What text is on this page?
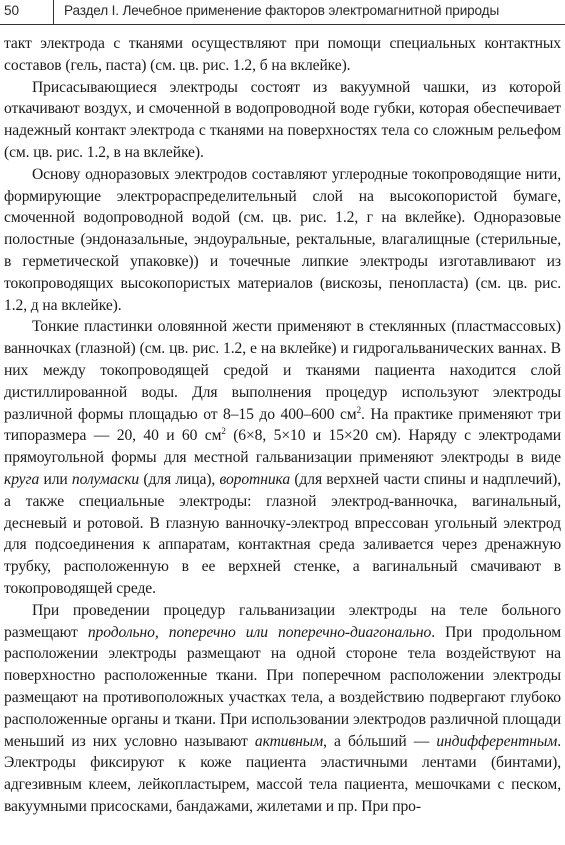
50	Раздел I. Лечебное применение факторов электромагнитной природы

такт электрода с тканями осуществляют при помощи специальных контактных составов (гель, паста) (см. цв. рис. 1.2, б на вклейке).

Присасывающиеся электроды состоят из вакуумной чашки, из которой откачивают воздух, и смоченной в водопроводной воде губки, которая обеспечивает надежный контакт электрода с тканями на поверхностях тела со сложным рельефом (см. цв. рис. 1.2, в на вклейке).

Основу одноразовых электродов составляют углеродные токопроводящие нити, формирующие электрораспределительный слой на высокопористой бумаге, смоченной водопроводной водой (см. цв. рис. 1.2, г на вклейке). Одноразовые полостные (эндоназальные, эндоуральные, ректальные, влагалищные (стерильные, в герметической упаковке)) и точечные липкие электроды изготавливают из токопроводящих высокопористых материалов (вискозы, пенопласта) (см. цв. рис. 1.2, д на вклейке).

Тонкие пластинки оловянной жести применяют в стеклянных (пластмассовых) ванночках (глазной) (см. цв. рис. 1.2, е на вклейке) и гидрогальванических ваннах. В них между токопроводящей средой и тканями пациента находится слой дистиллированной воды. Для выполнения процедур используют электроды различной формы площадью от 8–15 до 400–600 $см^2$. На практике применяют три типоразмера — 20, 40 и 60 $см^2$ (6×8, 5×10 и 15×20 см). Наряду с электродами прямоугольной формы для местной гальванизации применяют электроды в виде круга или полумаски (для лица), воротника (для верхней части спины и надплечий), а также специальные электроды: глазной электрод-ванночка, вагинальный, десневый и ротовой. В глазную ванночку-электрод впрессован угольный электрод для подсоединения к аппаратам, контактная среда заливается через дренажную трубку, расположенную в ее верхней стенке, а вагинальный смачивают в токопроводящей среде.

При проведении процедур гальванизации электроды на теле больного размещают продольно, поперечно или поперечно-диагонально. При продольном расположении электроды размещают на одной стороне тела воздействуют на поверхностно расположенные ткани. При поперечном расположении электроды размещают на противоположных участках тела, а воздействию подвергают глубоко расположенные органы и ткани. При использовании электродов различной площади меньший из них условно называют активным, а бóльший — индифферентным. Электроды фиксируют к коже пациента эластичными лентами (бинтами), адгезивным клеем, лейкопластырем, массой тела пациента, мешочками с песком, вакуумными присосками, бандажами, жилетами и пр. При про-
